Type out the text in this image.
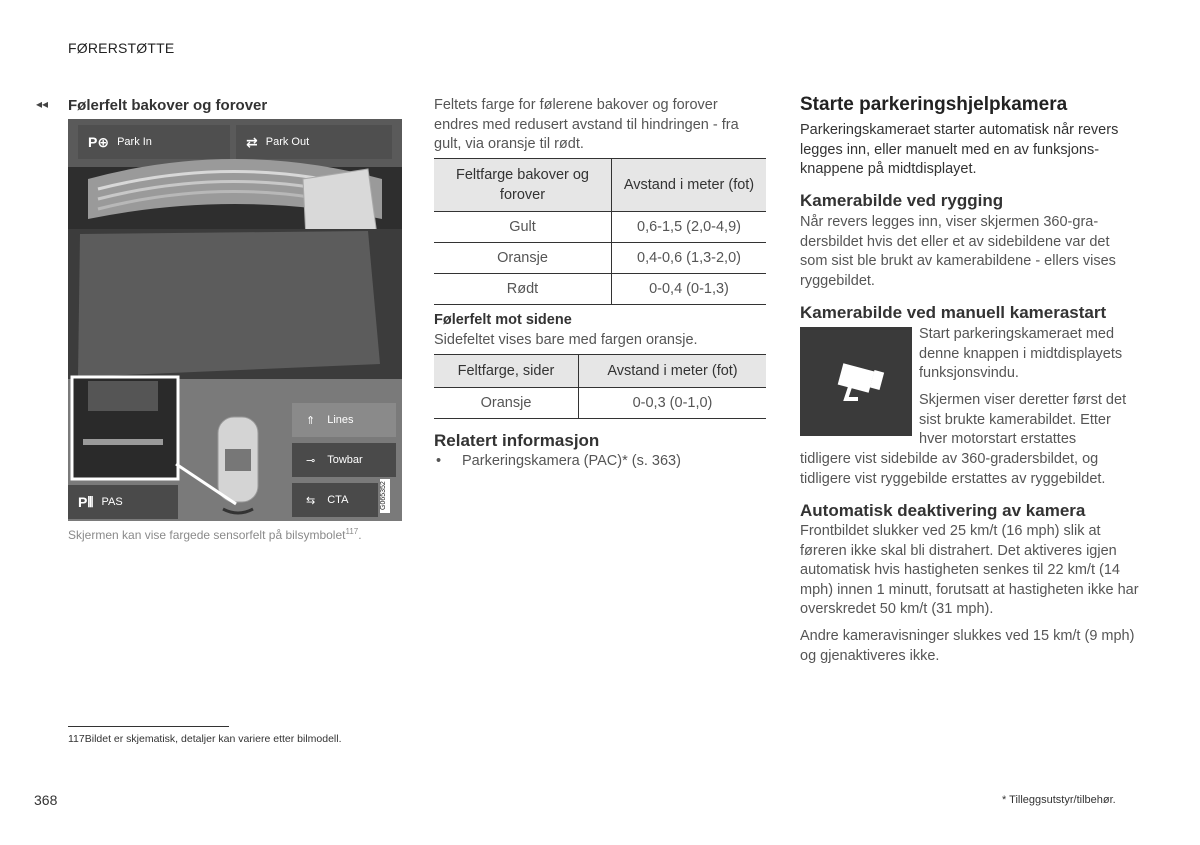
FØRERSTØTTE
◂◂ Følerfelt bakover og forover
P⊕ Park In	⇄ Park Out
⇑ Lines
⊸ Towbar
⇆ CTA
P⦀ PAS	G065352
Skjermen kan vise fargede sensorfelt på bilsymbolet$^{117}$.
Feltets farge for følerene bakover og forover endres med redusert avstand til hindringen - fra gult, via oransje til rødt.
Feltfarge bakover og forover	Avstand i meter (fot)
Gult	0,6-1,5 (2,0-4,9)
Oransje	0,4-0,6 (1,3-2,0)
Rødt	0-0,4 (0-1,3)
Følerfelt mot sidene
Sidefeltet vises bare med fargen oransje.
Feltfarge, sider	Avstand i meter (fot)
Oransje	0-0,3 (0-1,0)
Relatert informasjon
• Parkeringskamera (PAC)* (s. 363)
Starte parkeringshjelpkamera
Parkeringskameraet starter automatisk når revers legges inn, eller manuelt med en av funksjons-knappene på midtdisplayet.
Kamerabilde ved rygging
Når revers legges inn, viser skjermen 360-gra-dersbildet hvis det eller et av sidebildene var det som sist ble brukt av kamerabildene - ellers vises ryggebildet.
Kamerabilde ved manuell kamerastart
Start parkeringskameraet med denne knappen i midtdisplayets funksjonsvindu.
Skjermen viser deretter først det sist brukte kamerabildet. Etter hver motorstart erstattes
tidligere vist sidebilde av 360-gradersbildet, og tidligere vist ryggebilde erstattes av ryggebildet.
Automatisk deaktivering av kamera
Frontbildet slukker ved 25 km/t (16 mph) slik at føreren ikke skal bli distrahert. Det aktiveres igjen automatisk hvis hastigheten senkes til 22 km/t (14 mph) innen 1 minutt, forutsatt at hastigheten ikke har overskredet 50 km/t (31 mph).
Andre kameravisninger slukkes ved 15 km/t (9 mph) og gjenaktiveres ikke.
117Bildet er skjematisk, detaljer kan variere etter bilmodell.
368	* Tilleggsutstyr/tilbehør.
